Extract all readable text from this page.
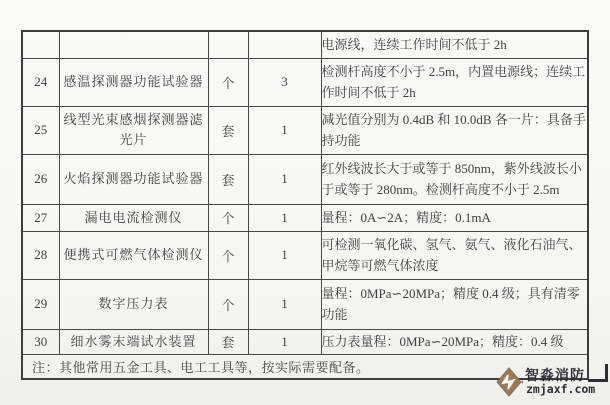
				电源线，连续工作时间不低于 2h
24	感温探测器功能试验器	个	3	检测杆高度不小于 2.5m，内置电源线；连续工作时间不低于 2h
25	线型光束感烟探测器滤光片	套	1	减光值分别为 0.4dB 和 10.0dB 各一片：具备手持功能
26	火焰探测器功能试验器	套	1	红外线波长大于或等于 850nm，紫外线波长小于或等于 280nm。检测杆高度不小于 2.5m
27	漏电电流检测仪	个	1	量程：0A∽2A；精度：0.1mA
28	便携式可燃气体检测仪	个	1	可检测一氧化碳、氢气、氨气、液化石油气、甲烷等可燃气体浓度
29	数字压力表	个	1	量程：0MPa∽20MPa；精度 0.4 级；具有清零功能
30	细水雾末端试水装置	套	1	压力表量程：0MPa∽20MPa；精度：0.4 级
注：其他常用五金工具、电工工具等，按实际需要配备。					智淼消防
zmjaxf.com
